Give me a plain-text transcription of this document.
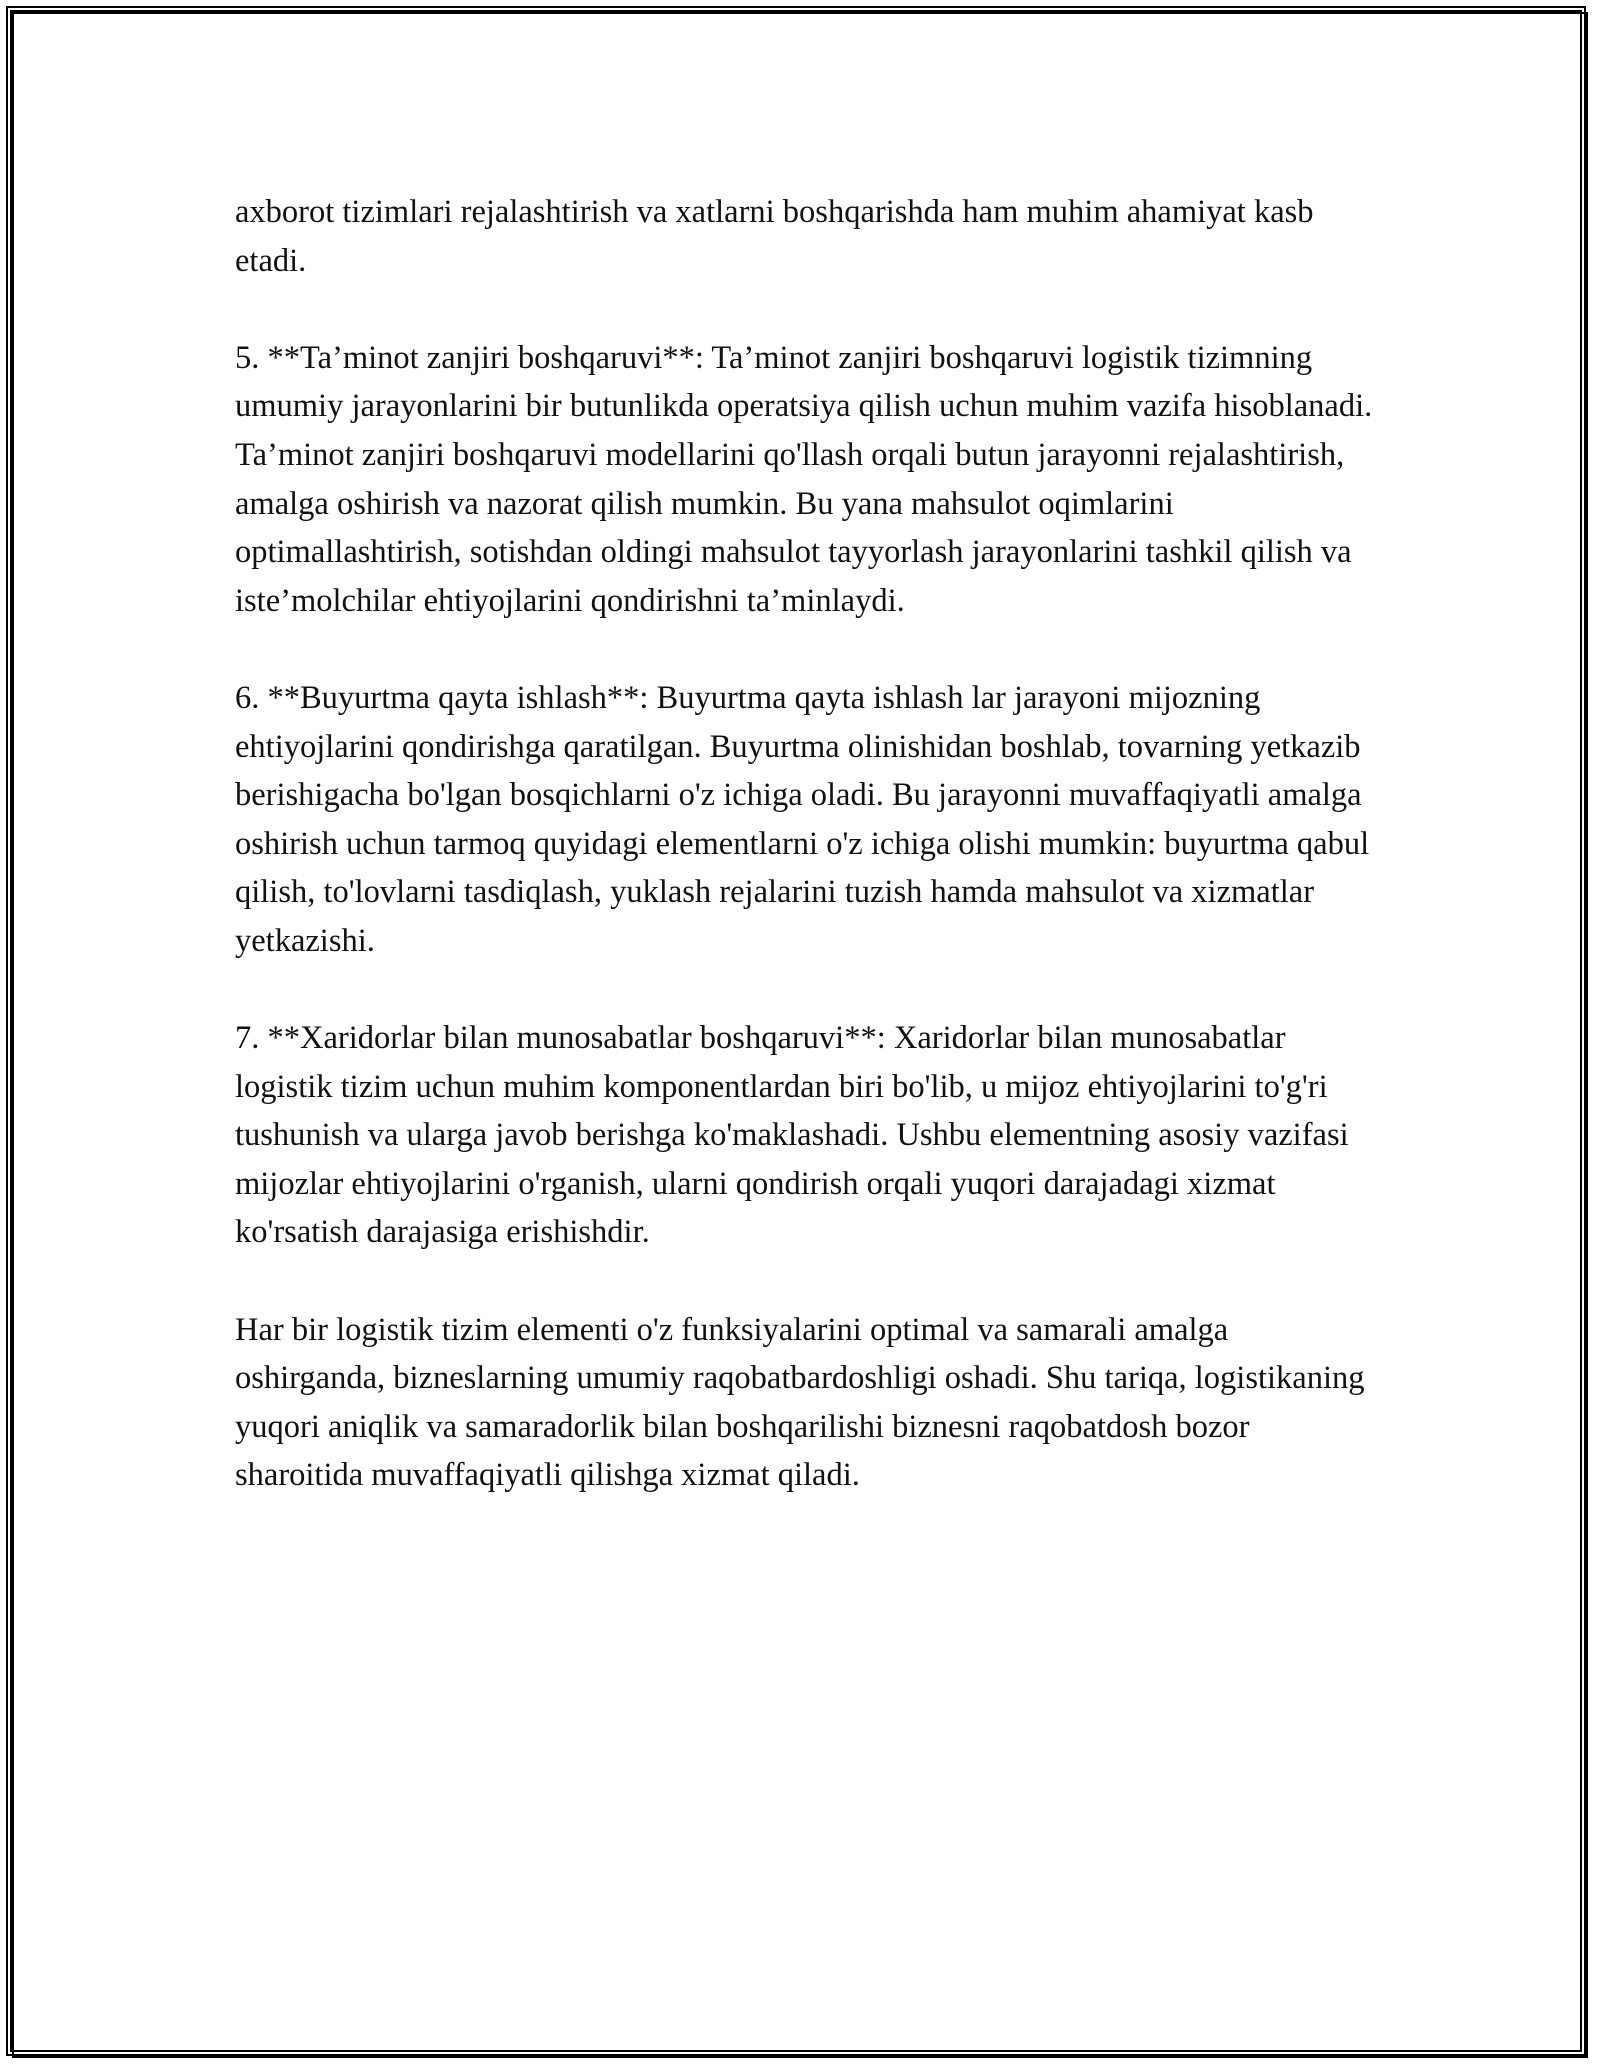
axborot tizimlari rejalashtirish va xatlarni boshqarishda ham muhim ahamiyat kasb etadi.

5. **Ta’minot zanjiri boshqaruvi**: Ta’minot zanjiri boshqaruvi logistik tizimning umumiy jarayonlarini bir butunlikda operatsiya qilish uchun muhim vazifa hisoblanadi. Ta’minot zanjiri boshqaruvi modellarini qo'llash orqali butun jarayonni rejalashtirish, amalga oshirish va nazorat qilish mumkin. Bu yana mahsulot oqimlarini optimallashtirish, sotishdan oldingi mahsulot tayyorlash jarayonlarini tashkil qilish va iste’molchilar ehtiyojlarini qondirishni ta’minlaydi.

6. **Buyurtma qayta ishlash**: Buyurtma qayta ishlash lar jarayoni mijozning ehtiyojlarini qondirishga qaratilgan. Buyurtma olinishidan boshlab, tovarning yetkazib berishigacha bo'lgan bosqichlarni o'z ichiga oladi. Bu jarayonni muvaffaqiyatli amalga oshirish uchun tarmoq quyidagi elementlarni o'z ichiga olishi mumkin: buyurtma qabul qilish, to'lovlarni tasdiqlash, yuklash rejalarini tuzish hamda mahsulot va xizmatlar yetkazishi.

7. **Xaridorlar bilan munosabatlar boshqaruvi**: Xaridorlar bilan munosabatlar logistik tizim uchun muhim komponentlardan biri bo'lib, u mijoz ehtiyojlarini to'g'ri tushunish va ularga javob berishga ko'maklashadi. Ushbu elementning asosiy vazifasi mijozlar ehtiyojlarini o'rganish, ularni qondirish orqali yuqori darajadagi xizmat ko'rsatish darajasiga erishishdir.

Har bir logistik tizim elementi o'z funksiyalarini optimal va samarali amalga oshirganda, bizneslarning umumiy raqobatbardoshligi oshadi. Shu tariqa, logistikaning yuqori aniqlik va samaradorlik bilan boshqarilishi biznesni raqobatdosh bozor sharoitida muvaffaqiyatli qilishga xizmat qiladi.
